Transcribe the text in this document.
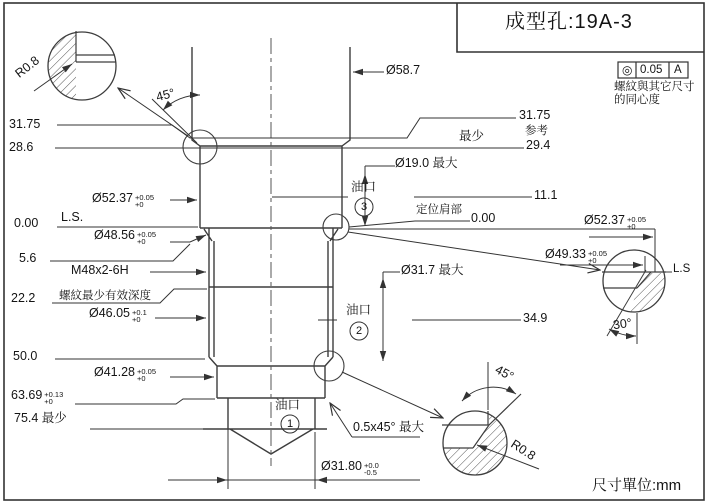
成型孔:19A-3
◎ 0.05 A
螺紋與其它尺寸
的同心度
R0.8
45°
Ø58.7
31.75
28.6
31.75
参考
最少
29.4
Ø19.0 最大
油口
3
11.1
Ø52.37 +0.05
+0
L.S.
0.00
定位肩部
0.00
Ø48.56 +0.05
+0
5.6
M48x2-6H
22.2 螺紋最少有效深度
Ø46.05 +0.1
+0
Ø52.37 +0.05
+0
Ø49.33 +0.05
+0
L.S
30°
Ø31.7 最大
油口
2
34.9
50.0
Ø41.28 +0.05
+0
63.69 +0.13
+0
75.4 最少
油口
1	0.5x45° 最大
45°
R0.8
Ø31.80 +0.0
-0.5
尺寸單位:mm
